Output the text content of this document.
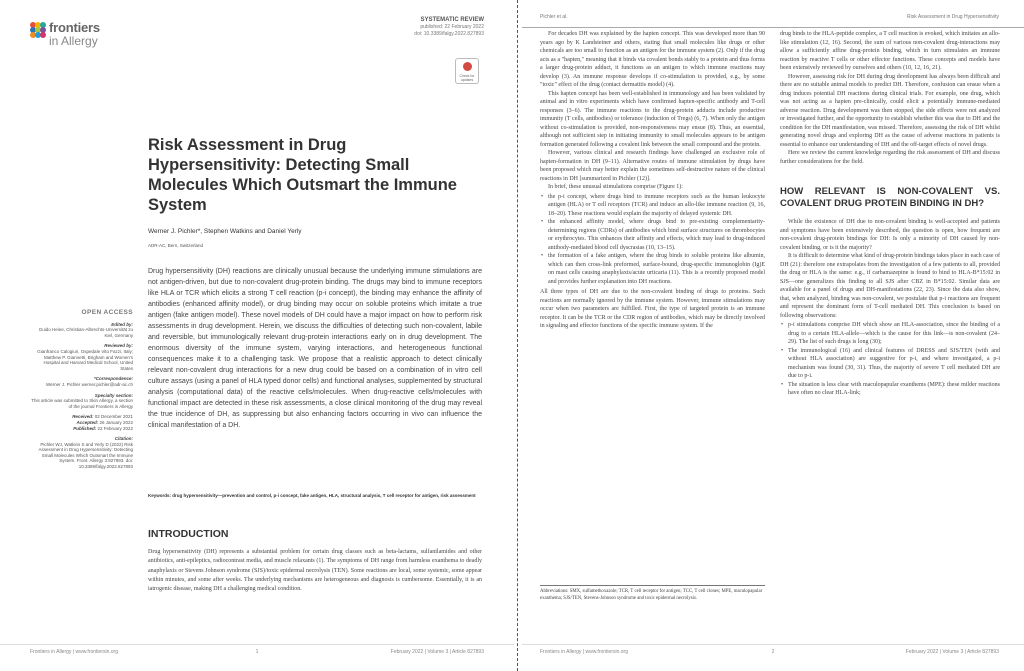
frontiers
in Allergy
SYSTEMATIC REVIEW
published: 22 February 2022
doi: 10.3389/falgy.2022.827893
Check for updates
Risk Assessment in Drug Hypersensitivity: Detecting Small Molecules Which Outsmart the Immune System
Werner J. Pichler*, Stephen Watkins and Daniel Yerly
ADR-AC, Bern, Switzerland
Drug hypersensitivity (DH) reactions are clinically unusual because the underlying immune stimulations are not antigen-driven, but due to non-covalent drug-protein binding. The drugs may bind to immune receptors like HLA or TCR which elicits a strong T cell reaction (p-i concept), the binding may enhance the affinity of antibodies (enhanced affinity model), or drug binding may occur on soluble proteins which imitate a true antigen (fake antigen model). These novel models of DH could have a major impact on how to perform risk assessments in drug development. Herein, we discuss the difficulties of detecting such non-covalent, labile and reversible, but immunologically relevant drug-protein interactions early on in drug development. The enormous diversity of the immune system, varying interactions, and heterogeneous functional consequences make it to a challenging task. We propose that a realistic approach to detect clinically relevant non-covalent drug interactions for a new drug could be based on a combination of in vitro cell culture assays (using a panel of HLA typed donor cells) and functional analyses, supplemented by structural analysis (computational data) of the reactive cells/molecules. When drug-reactive cells/molecules with functional impact are detected in these risk assessments, a close clinical monitoring of the drug may reveal the true incidence of DH, as suppressing but also enhancing factors occurring in vivo can influence the clinical manifestation of a DH.
Keywords: drug hypersensitivity—prevention and control, p-i concept, fake antigen, HLA, structural analysis, T cell receptor for antigen, risk assessment
INTRODUCTION
Drug hypersensitivity (DH) represents a substantial problem for certain drug classes such as beta-lactams, sulfanilamides and other antibiotics, anti-epileptics, radiocontrast media, and muscle relaxants (1). The symptoms of DH range from harmless exanthema to deadly anaphylaxis or Stevens Johnson syndrome (SJS)/toxic epidermal necrolysis (TEN). Some reactions are local, some systemic, some appear within minutes, and some after weeks. The underlying mechanisms are heterogeneous and diagnosis is cumbersome. Essentially, it is an iatrogenic disease, making DH a challenging medical condition.
OPEN ACCESS
Edited by:
Guido Heine, Christian-Albrechts-Universität zu Kiel, Germany
Reviewed by:
Gianfranco Calogiuri, Ospedale Vito Fazzi, Italy; Matthew P. Giannetti, Brigham and Women's Hospital and Harvard Medical School, United States
*Correspondence:
Werner J. Pichler werner.pichler@adr-ac.ch
Specialty section:
This article was submitted to Skin Allergy, a section of the journal Frontiers in Allergy
Received: 02 December 2021
Accepted: 26 January 2022
Published: 22 February 2022
Citation:
Pichler WJ, Watkins S and Yerly D (2022) Risk Assessment in Drug Hypersensitivity: Detecting Small Molecules Which Outsmart the Immune System. Front. Allergy 3:827893. doi: 10.3389/falgy.2022.827893
Frontiers in Allergy | www.frontiersin.org	1	February 2022 | Volume 3 | Article 827893
Pichler et al.	Risk Assessment in Drug Hypersensitivity

For decades DH was explained by the hapten concept. This was developed more than 90 years ago by K Landsteiner and others, stating that small molecules like drugs or other chemicals are too small to function as an antigen for the immune system (2). Only if the drug acts as a "hapten," meaning that it binds via covalent bonds stably to a protein and thus forms a larger drug-protein adduct, it functions as an antigen to which immune reactions may develop (3). An immune response develops if co-stimulation is provided, e.g., by some "toxic" effect of the drug (contact dermatitis model) (4).

This hapten concept has been well-established in immunology and has been validated by animal and in vitro experiments which have confirmed hapten-specific antibody and T-cell responses (3–6). The immune reactions to the drug-protein adducts include productive immunity (T cells, antibodies) or tolerance (induction of Tregs) (6, 7). When only the antigen without co-stimulation is provided, non-responsiveness may ensue (8). Thus, an essential, although not sufficient step in initiating immunity to small molecules appears to be antigen formation generated following a covalent link between the small compound and the protein.

However, various clinical and research findings have challenged an exclusive role of hapten-formation in DH (9–11). Alternative routes of immune stimulation by drugs have been proposed which may better explain the sometimes self-destructive nature of the clinical reactions in DH [summarized in Pichler (12)].

In brief, these unusual stimulations comprise (Figure 1):

• the p-i concept, where drugs bind to immune receptors such as the human leukocyte antigen (HLA) or T cell receptors (TCR) and induce an allo-like immune reaction (9, 16, 18–20). These reactions would explain the majority of delayed systemic DH.
• the enhanced affinity model, where drugs bind to pre-existing complementarity-determining regions (CDRs) of antibodies which bind surface structures on thrombocytes or erythrocytes. This enhances their affinity and effects, which may lead to drug-induced antibody-mediated blood cell dyscrasias (10, 13–15).
• the formation of a fake antigen, where the drug binds to soluble proteins like albumin, which can then cross-link preformed, surface-bound, drug-specific immunoglobin (Ig)E on mast cells causing anaphylaxis/acute urticaria (11). This is a recently proposed model and provides further explanation into DH reactions.

All three types of DH are due to the non-covalent binding of drugs to proteins. Such reactions are normally ignored by the immune system. However, immune stimulations may occur when two parameters are fulfilled. First, the type of targeted protein is an immune receptor. It can be the TCR or the CDR region of antibodies, which may be directly involved in signaling and effector functions of the specific immune system. If the

Abbreviations: SMX, sulfamethoxazole; TCR, T cell receptor for antigen; TCC, T cell clones; MPE, maculopapular exanthema; SJS/TEN, Stevens-Johnson syndrome and toxic epidermal necrolysis.

drug binds to the HLA-peptide complex, a T cell reaction is evoked, which imitates an allo-like stimulation (12, 16). Second, the sum of various non-covalent drug-interactions may allow a sufficiently affine drug-protein binding, which in turn stimulates an immune reaction by reactive T cells or other effector functions. These concepts and models have been extensively reviewed by ourselves and others (10, 12, 16, 21).

However, assessing risk for DH during drug development has always been difficult and there are no suitable animal models to predict DH. Therefore, confusion can ensue when a drug induces potential DH reactions during clinical trials. For example, one drug, which was not acting as a hapten pre-clinically, could elicit a potentially immune-mediated adverse reaction. Drug development was then stopped, the side effects were not analyzed or investigated further, and the opportunity to establish whether this was due to DH and the condition for the DH manifestation, was missed. Therefore, assessing the risk of DH whilst generating novel drugs and exploring DH as the cause of adverse reactions in patients is essential to enhance our understanding of DH and the off-target effects of novel drugs.

Here we review the current knowledge regarding the risk assessment of DH and discuss further considerations for the field.

HOW RELEVANT IS NON-COVALENT VS. COVALENT DRUG PROTEIN BINDING IN DH?

While the existence of DH due to non-covalent binding is well-accepted and patients and symptoms have been extensively described, the question is open, how frequent are non-covalent drug-protein bindings for DH: Is only a minority of DH caused by non-covalent binding, or is it the majority?

It is difficult to determine what kind of drug-protein bindings takes place in each case of DH (21): therefore one extrapolates from the investigation of a few patients to all, provided the drug or HLA is the same: e.g., if carbamazepine is found to bind to HLA-B*15:02 in SJS—one generalizes this finding to all SJS after CBZ in B*15:02. Similar data are available for a panel of drugs and DH-manifestations (22, 23). Since the data also show, that, when analyzed, binding was non-covalent, we postulate that p-i reactions are frequent and represent the dominant form of T-cell mediated DH. This conclusion is based on following observations:

• p-i stimulations comprise DH which show an HLA-association, since the binding of a drug to a certain HLA-allele—which is the cause for this link—is non-covalent (24–29). The list of such drugs is long (30);
• The immunological (16) and clinical features of DRESS and SJS/TEN (with and without HLA association) are suggestive for p-i, and where investigated, a p-i mechanism was found (30, 31). Thus, the majority of severe T cell mediated DH are due to p-i.
• The situation is less clear with maculopapular exanthems (MPE): these milder reactions have often no clear HLA-link;
Frontiers in Allergy | www.frontiersin.org	2	February 2022 | Volume 3 | Article 827893
